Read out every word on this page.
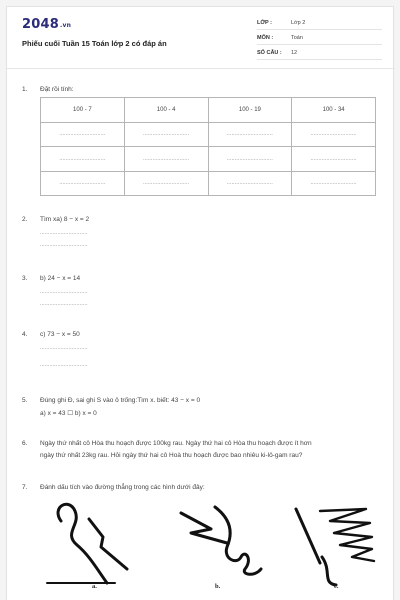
2048.vn
Phiếu cuối Tuần 15 Toán lớp 2 có đáp án
LỚP :	Lớp 2
MÔN :	Toán
SỐ CÂU : 12
1. Đặt rồi tính:
100 - 7	100 - 4	100 - 19	100 - 34
.............................	.............................	.............................	.............................
.............................	.............................	.............................	.............................
.............................	.............................	.............................	.............................
2. Tìm xa) 8 − x = 2
..............................
..............................
3. b) 24 − x = 14
..............................
..............................
4. c) 73 − x = 50
..............................
..............................
5. Đúng ghi Đ, sai ghi S vào ô trống:Tìm x. biết: 43 − x = 0
a) x = 43 ☐ b) x = 0
6. Ngày thứ nhất cô Hòa thu hoạch được 100kg rau. Ngày thứ hai cô Hòa thu hoạch được ít hơn
ngày thứ nhất 23kg rau. Hỏi ngày thứ hai cô Hoà thu hoạch được bao nhiêu ki-lô-gam rau?
7. Đánh dấu tích vào đường thẳng trong các hình dưới đây:
a.	b.	c.
